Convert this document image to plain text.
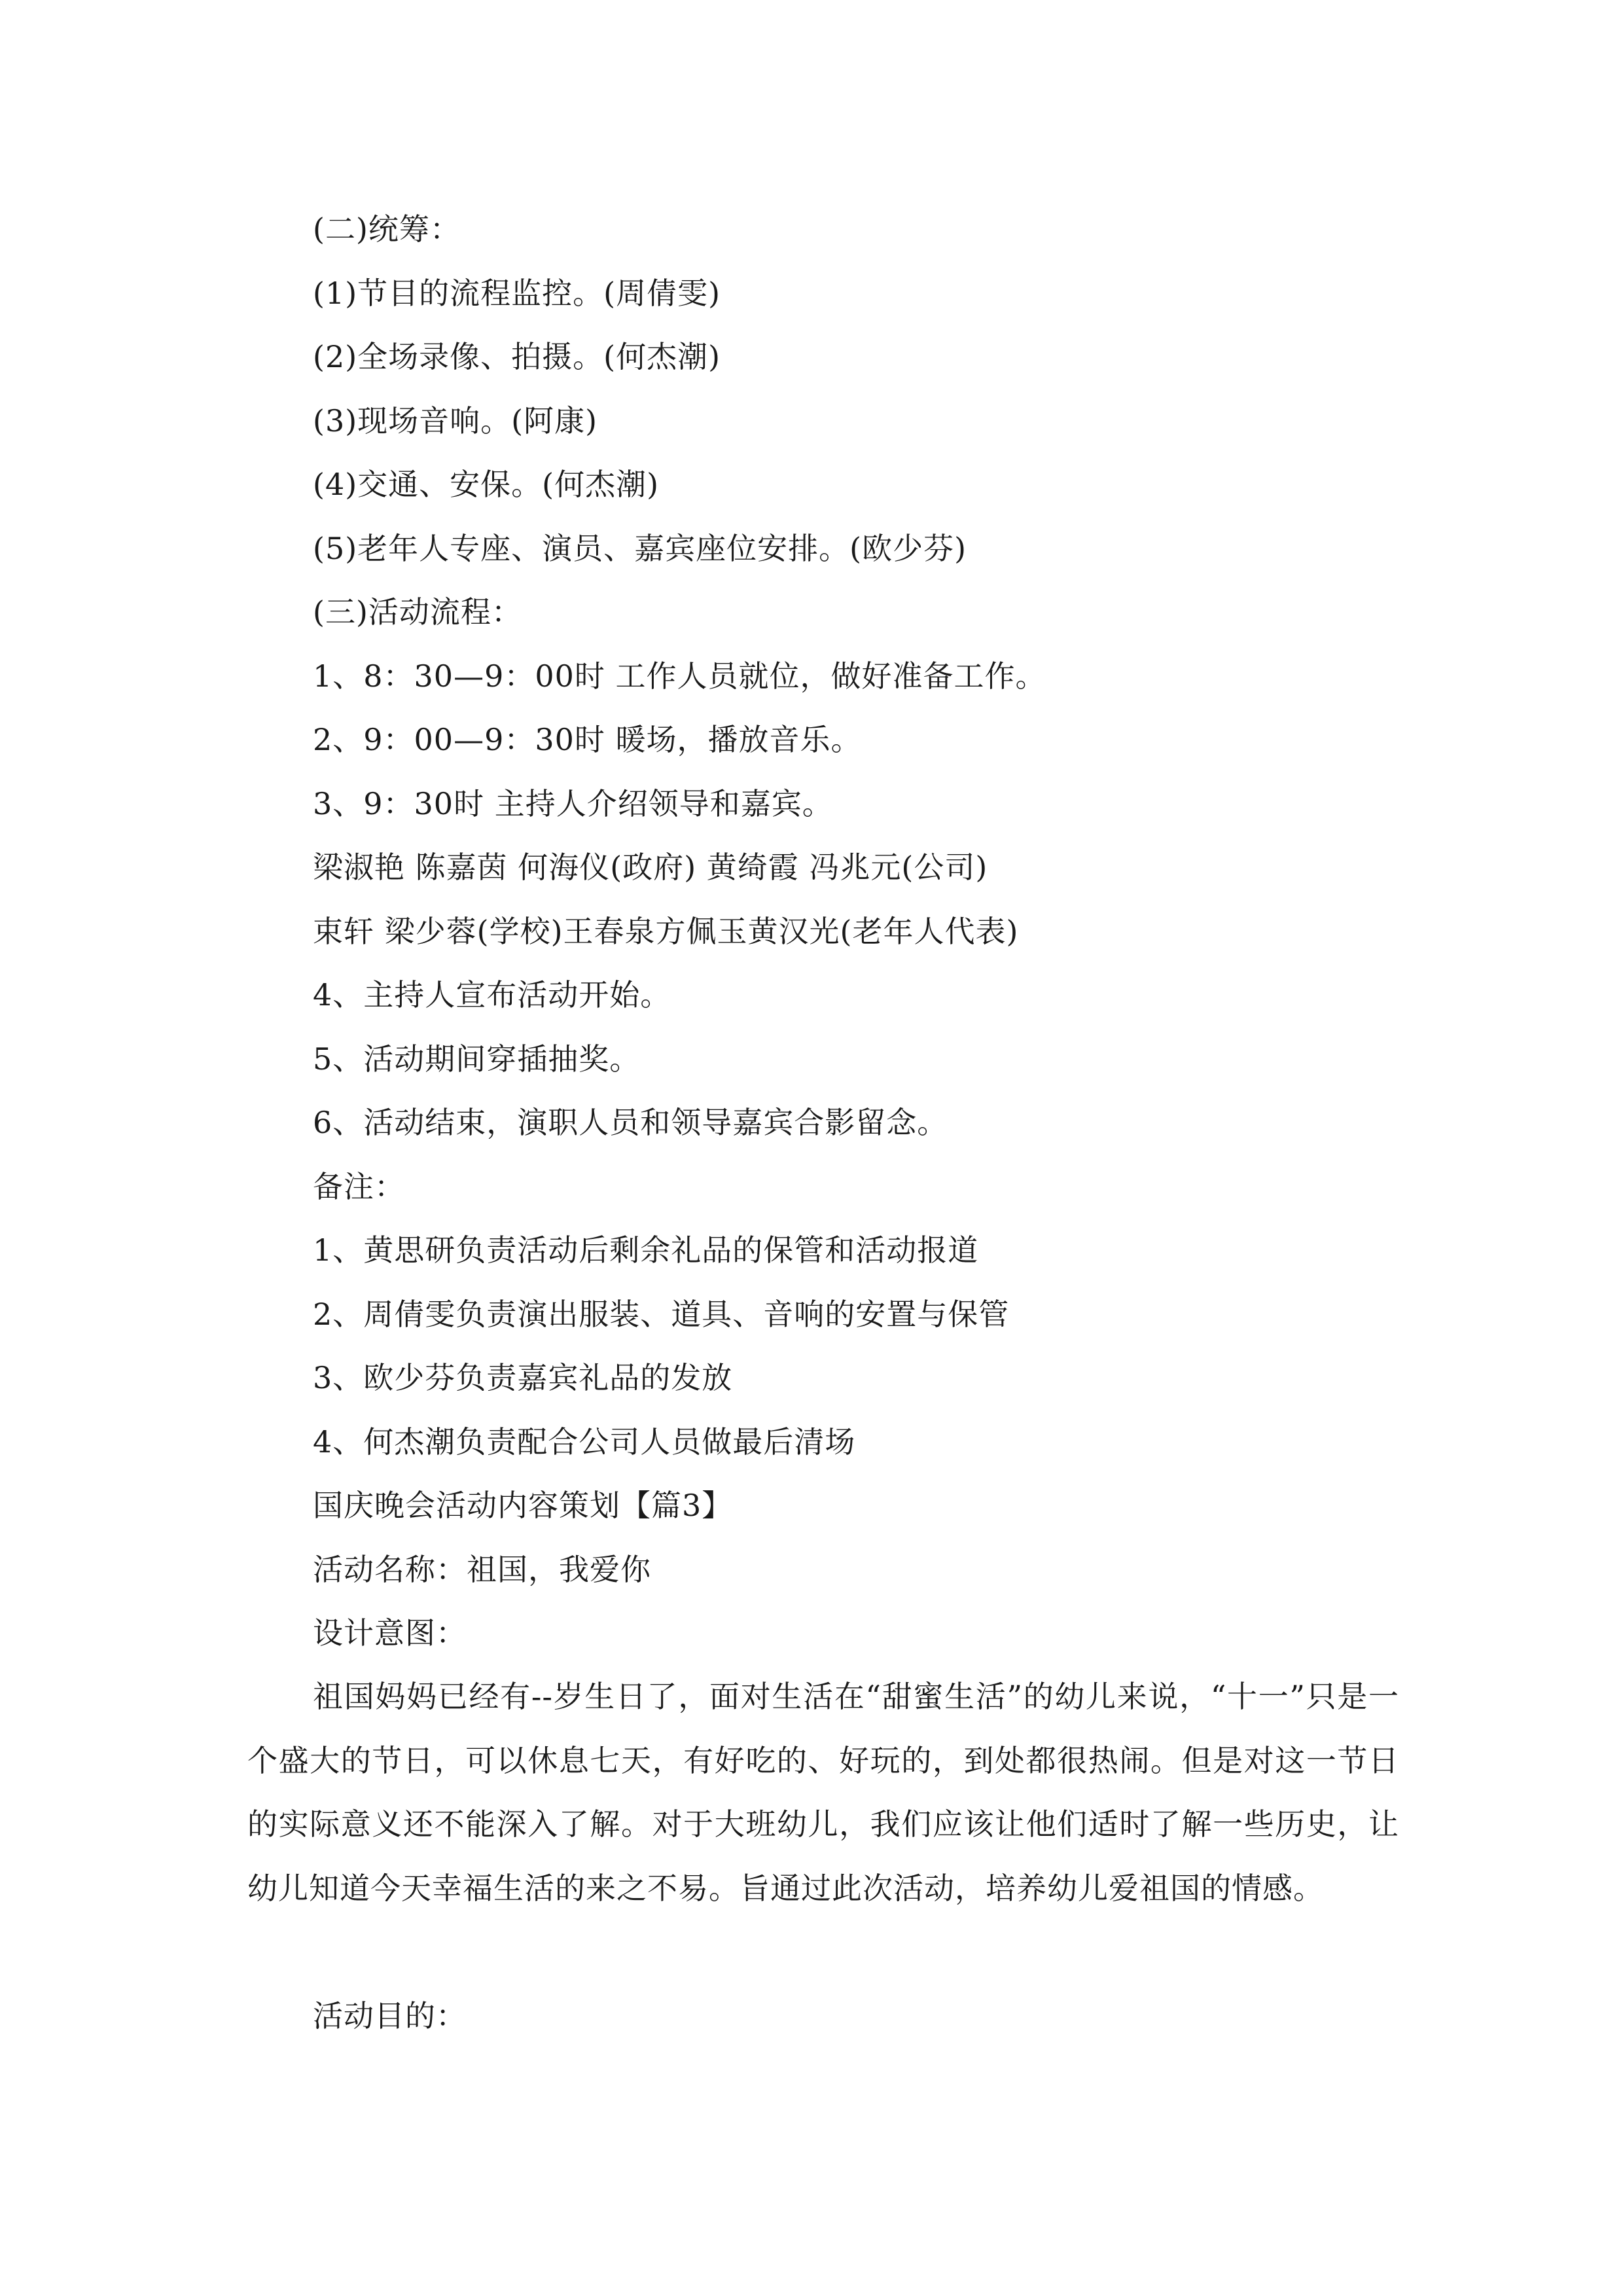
(二)统筹：
(1)节目的流程监控。(周倩雯)
(2)全场录像、拍摄。(何杰潮)
(3)现场音响。(阿康)
(4)交通、安保。(何杰潮)
(5)老年人专座、演员、嘉宾座位安排。(欧少芬)
(三)活动流程：
1、8：30—9：00时 工作人员就位，做好准备工作。
2、9：00—9：30时 暖场，播放音乐。
3、9：30时 主持人介绍领导和嘉宾。
梁淑艳 陈嘉茵 何海仪(政府) 黄绮霞 冯兆元(公司)
束轩 梁少蓉(学校)王春泉方佩玉黄汉光(老年人代表)
4、主持人宣布活动开始。
5、活动期间穿插抽奖。
6、活动结束，演职人员和领导嘉宾合影留念。
备注：
1、黄思研负责活动后剩余礼品的保管和活动报道
2、周倩雯负责演出服装、道具、音响的安置与保管
3、欧少芬负责嘉宾礼品的发放
4、何杰潮负责配合公司人员做最后清场
国庆晚会活动内容策划【篇3】
活动名称：祖国，我爱你
设计意图：
祖国妈妈已经有--岁生日了，面对生活在“甜蜜生活”的幼儿来说，“十一”只是一个盛大的节日，可以休息七天，有好吃的、好玩的，到处都很热闹。但是对这一节日的实际意义还不能深入了解。对于大班幼儿，我们应该让他们适时了解一些历史，让幼儿知道今天幸福生活的来之不易。旨通过此次活动，培养幼儿爱祖国的情感。
活动目的：
